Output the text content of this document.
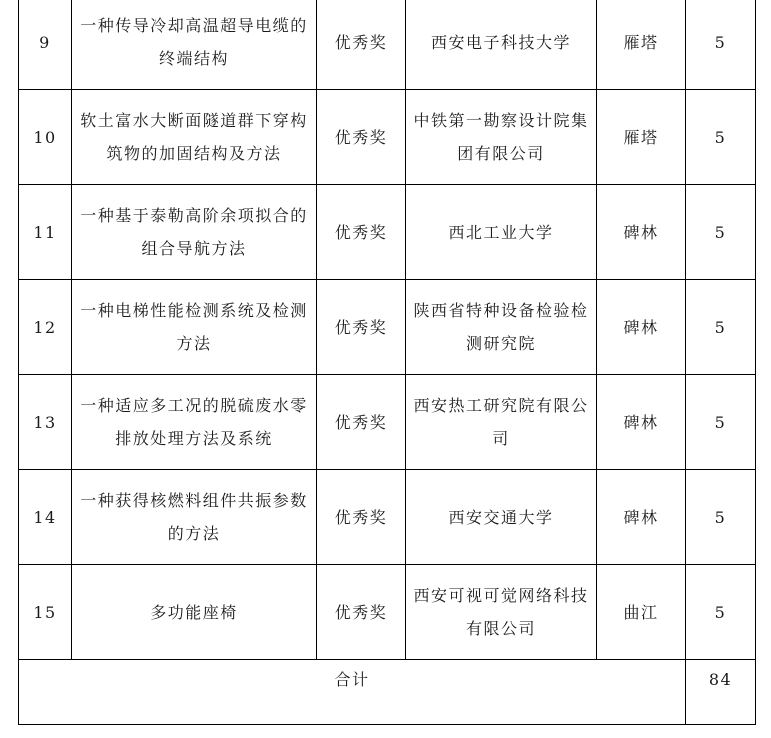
9	一种传导冷却高温超导电缆的
终端结构	优秀奖	西安电子科技大学	雁塔	5
10	软土富水大断面隧道群下穿构
筑物的加固结构及方法	优秀奖	中铁第一勘察设计院集
团有限公司	雁塔	5
11	一种基于泰勒高阶余项拟合的
组合导航方法	优秀奖	西北工业大学	碑林	5
12	一种电梯性能检测系统及检测
方法	优秀奖	陕西省特种设备检验检
测研究院	碑林	5
13	一种适应多工况的脱硫废水零
排放处理方法及系统	优秀奖	西安热工研究院有限公
司	碑林	5
14	一种获得核燃料组件共振参数
的方法	优秀奖	西安交通大学	碑林	5
15	多功能座椅	优秀奖	西安可视可觉网络科技
有限公司	曲江	5
合计					84
